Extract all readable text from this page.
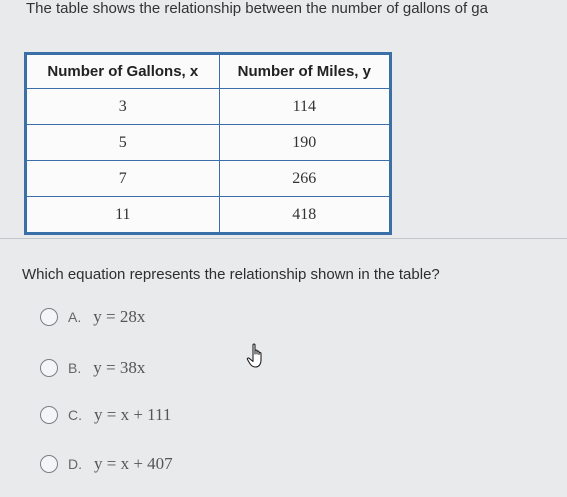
The table shows the relationship between the number of gallons of ga
Number of Gallons, x	Number of Miles, y
3	114
5	190
7	266
11	418
Which equation represents the relationship shown in the table?
A. y = 28x
B. y = 38x
C. y = x + 111
D. y = x + 407
